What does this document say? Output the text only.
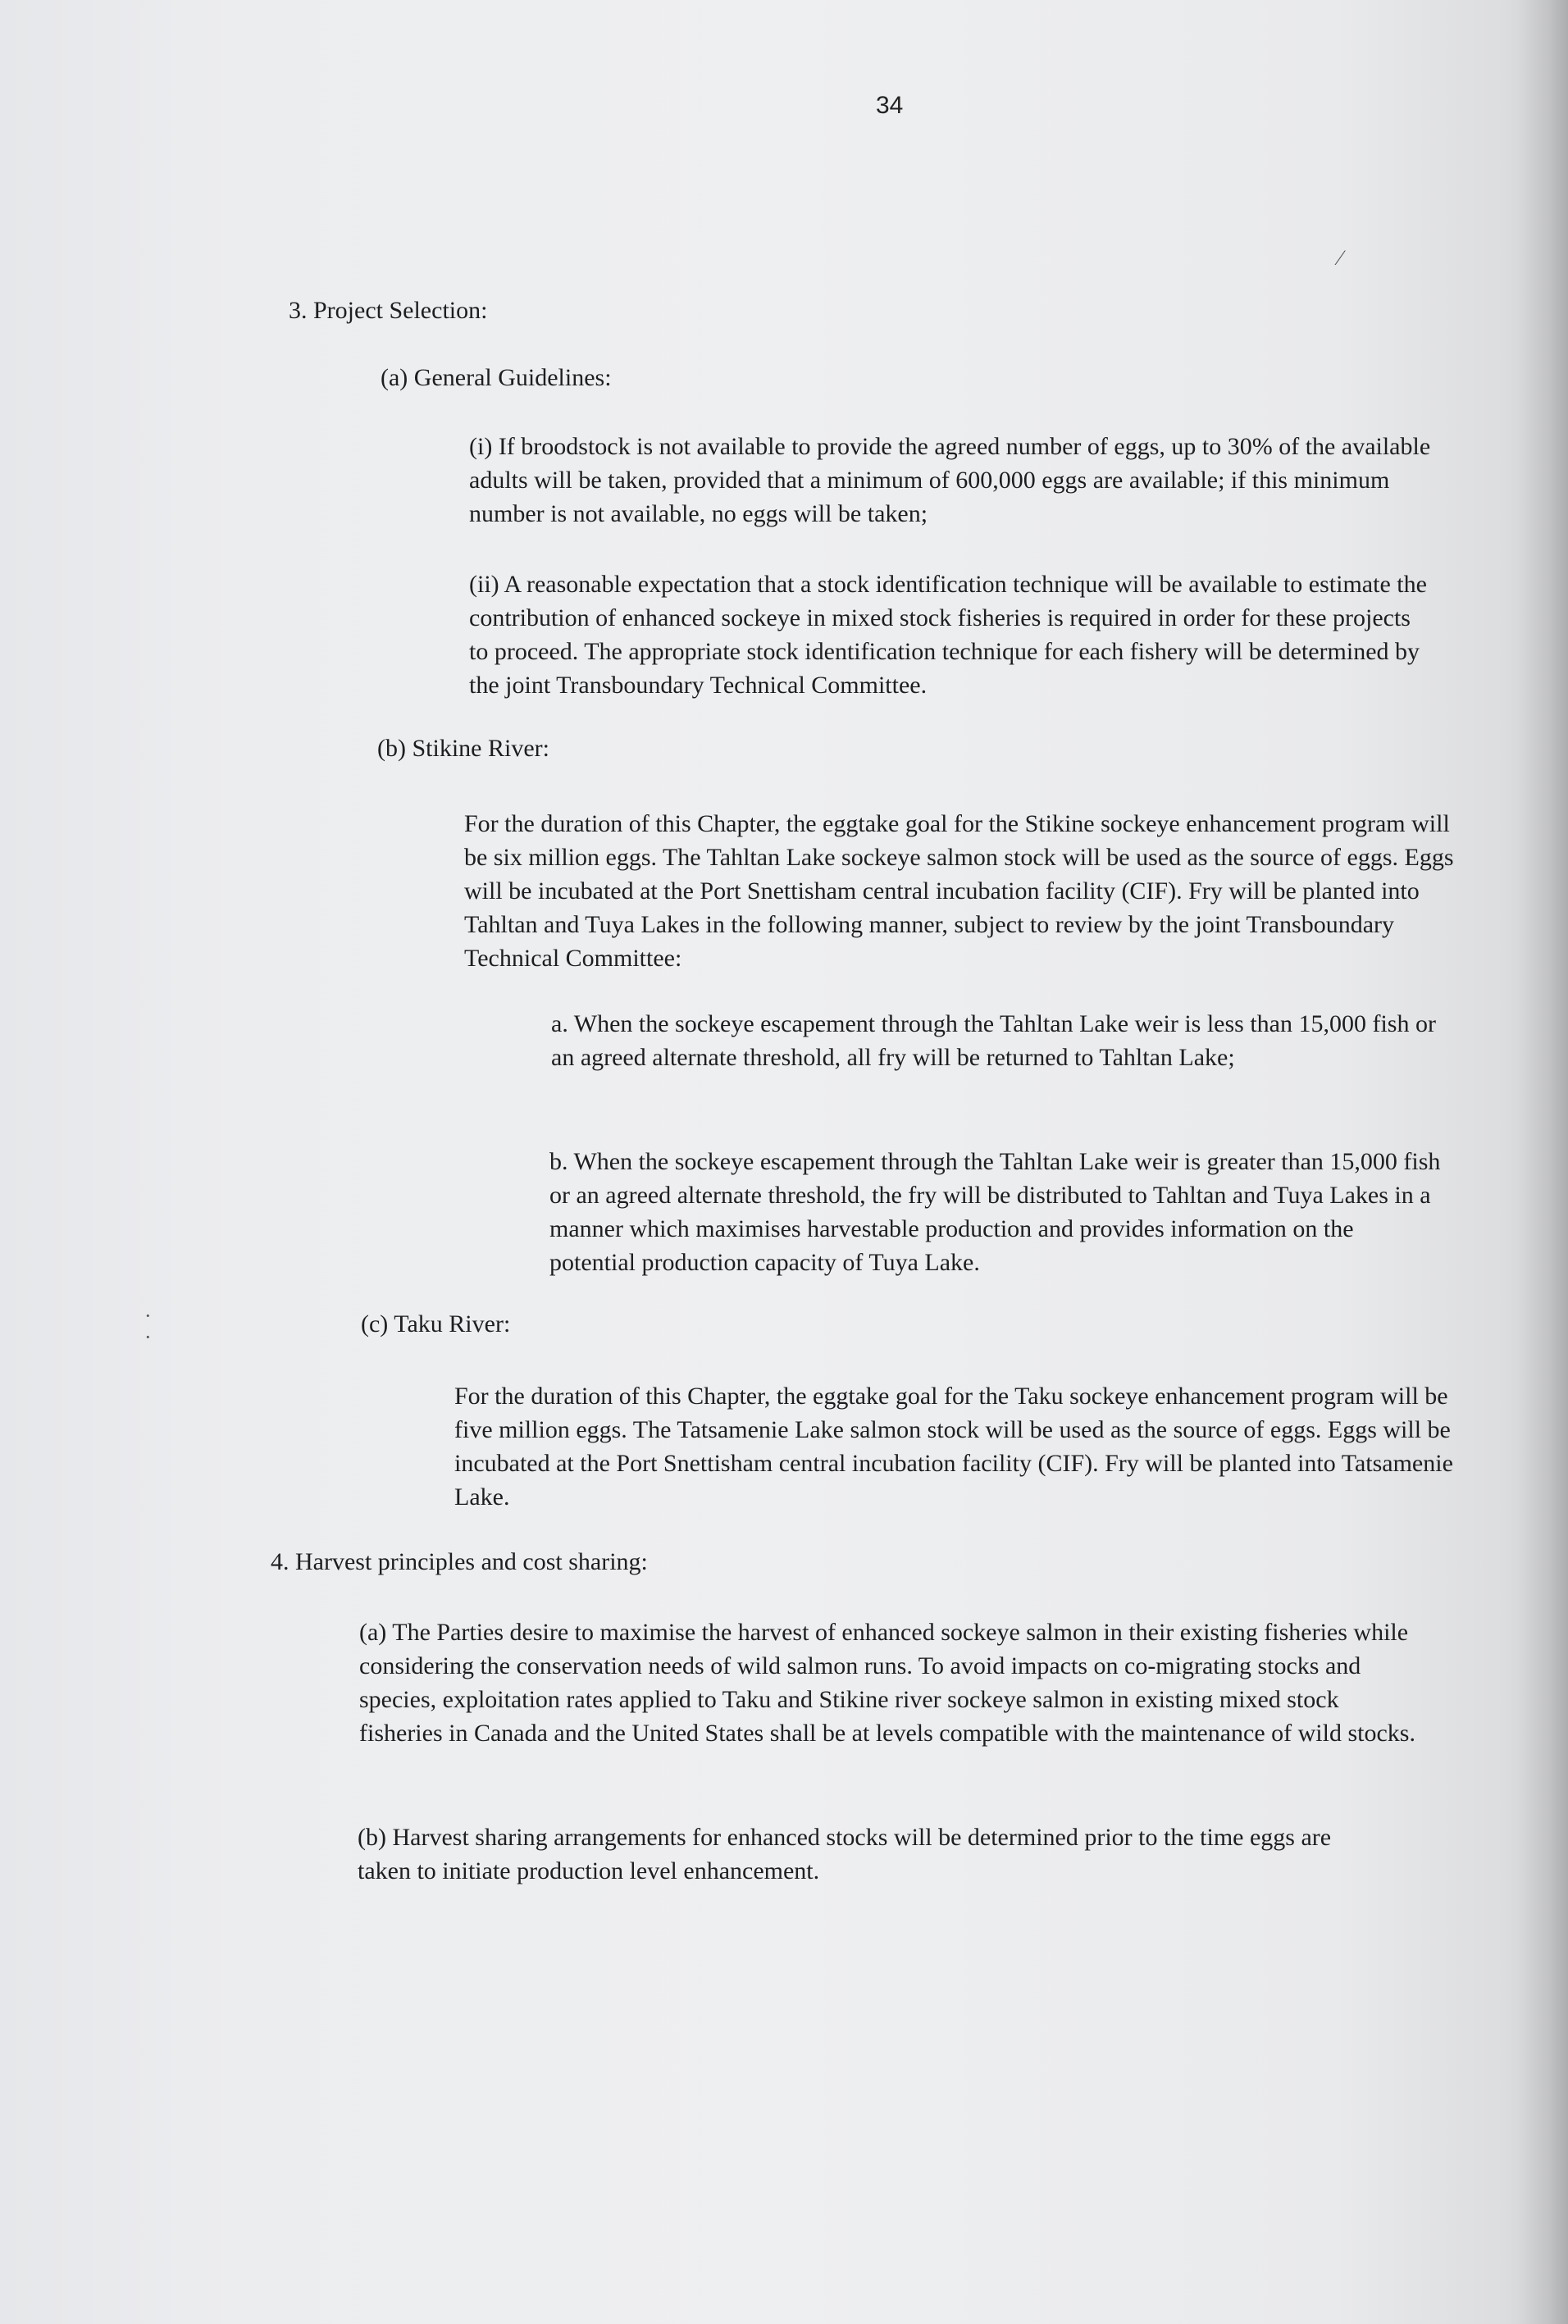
34
⁄
·
·
3. Project Selection:
(a) General Guidelines:
(i) If broodstock is not available to provide the agreed number of eggs, up to 30% of the available adults will be taken, provided that a minimum of 600,000 eggs are available; if this minimum number is not available, no eggs will be taken;
(ii) A reasonable expectation that a stock identification technique will be available to estimate the contribution of enhanced sockeye in mixed stock fisheries is required in order for these projects to proceed. The appropriate stock identification technique for each fishery will be determined by the joint Transboundary Technical Committee.
(b) Stikine River:
For the duration of this Chapter, the eggtake goal for the Stikine sockeye enhancement program will be six million eggs. The Tahltan Lake sockeye salmon stock will be used as the source of eggs. Eggs will be incubated at the Port Snettisham central incubation facility (CIF). Fry will be planted into Tahltan and Tuya Lakes in the following manner, subject to review by the joint Transboundary Technical Committee:
a. When the sockeye escapement through the Tahltan Lake weir is less than 15,000 fish or an agreed alternate threshold, all fry will be returned to Tahltan Lake;
b. When the sockeye escapement through the Tahltan Lake weir is greater than 15,000 fish or an agreed alternate threshold, the fry will be distributed to Tahltan and Tuya Lakes in a manner which maximises harvestable production and provides information on the potential production capacity of Tuya Lake.
(c) Taku River:
For the duration of this Chapter, the eggtake goal for the Taku sockeye enhancement program will be five million eggs. The Tatsamenie Lake salmon stock will be used as the source of eggs. Eggs will be incubated at the Port Snettisham central incubation facility (CIF). Fry will be planted into Tatsamenie Lake.
4. Harvest principles and cost sharing:
(a) The Parties desire to maximise the harvest of enhanced sockeye salmon in their existing fisheries while considering the conservation needs of wild salmon runs. To avoid impacts on co-migrating stocks and species, exploitation rates applied to Taku and Stikine river sockeye salmon in existing mixed stock fisheries in Canada and the United States shall be at levels compatible with the maintenance of wild stocks.
(b) Harvest sharing arrangements for enhanced stocks will be determined prior to the time eggs are taken to initiate production level enhancement.
